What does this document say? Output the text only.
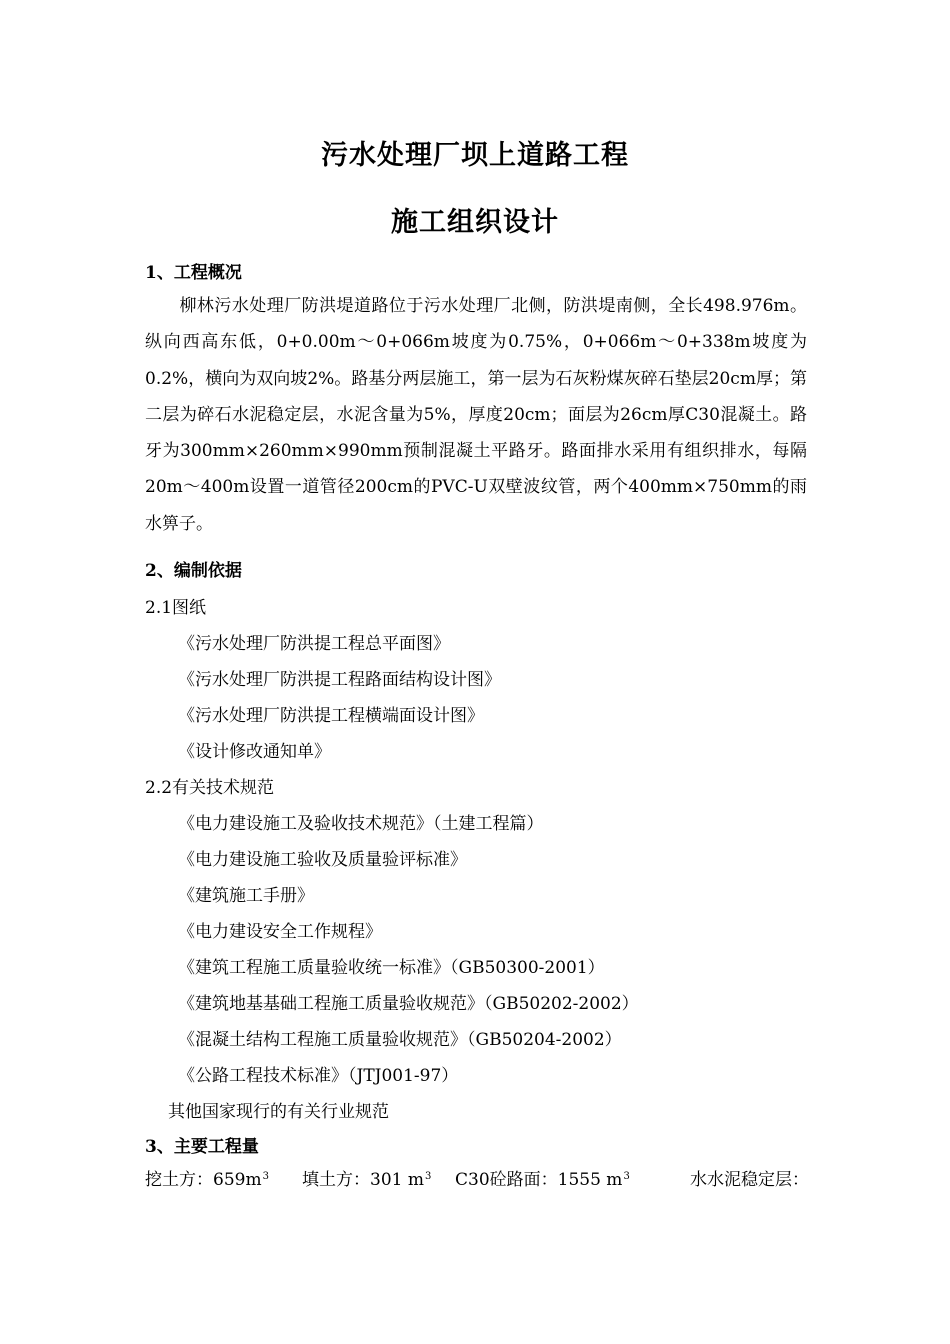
污水处理厂坝上道路工程
施工组织设计
1、工程概况
柳林污水处理厂防洪堤道路位于污水处理厂北侧，防洪堤南侧，全长498.976m。纵向西高东低，0+0.00m～0+066m坡度为0.75%，0+066m～0+338m坡度为0.2%，横向为双向坡2%。路基分两层施工，第一层为石灰粉煤灰碎石垫层20cm厚；第二层为碎石水泥稳定层，水泥含量为5%，厚度20cm；面层为26cm厚C30混凝土。路牙为300mm×260mm×990mm预制混凝土平路牙。路面排水采用有组织排水，每隔20m～400m设置一道管径200cm的PVC-U双壁波纹管，两个400mm×750mm的雨水箅子。
2、编制依据
2.1图纸
《污水处理厂防洪提工程总平面图》
《污水处理厂防洪提工程路面结构设计图》
《污水处理厂防洪提工程横端面设计图》
《设计修改通知单》
2.2有关技术规范
《电力建设施工及验收技术规范》（土建工程篇）
《电力建设施工验收及质量验评标准》
《建筑施工手册》
《电力建设安全工作规程》
《建筑工程施工质量验收统一标准》（GB50300-2001）
《建筑地基基础工程施工质量验收规范》（GB50202-2002）
《混凝土结构工程施工质量验收规范》（GB50204-2002）
《公路工程技术标准》（JTJ001-97）
其他国家现行的有关行业规范
3、主要工程量
挖土方：$659m^3$ 填土方：301 $m^3$ C30砼路面：1555 $m^3$	水水泥稳定层：
